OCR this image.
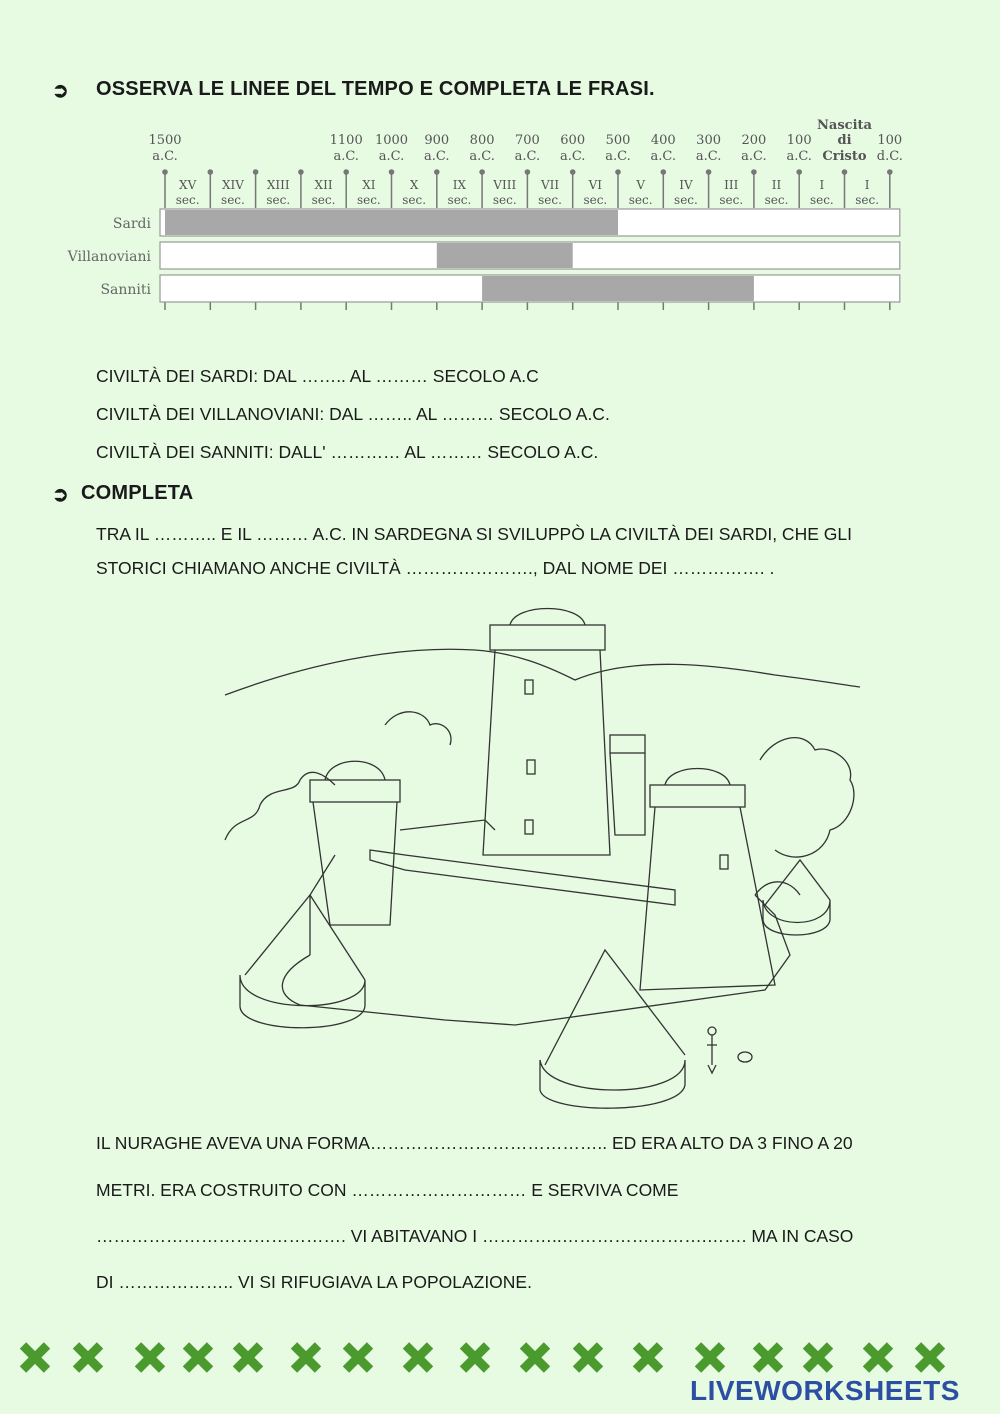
➲ OSSERVA LE LINEE DEL TEMPO E COMPLETA LE FRASI.
1500
a.C.
1100
a.C.
1000
a.C.
900
a.C.
800
a.C.
700
a.C.
600
a.C.
500
a.C.
400
a.C.
300
a.C.
200
a.C.
100
a.C.
100
d.C.
Nascita
di
Cristo
XV
sec.
XIV
sec.
XIII
sec.
XII
sec.
XI
sec.
X
sec.
IX
sec.
VIII
sec.
VII
sec.
VI
sec.
V
sec.
IV
sec.
III
sec.
II
sec.
I
sec.
I
sec.
Sardi
Villanoviani
Sanniti
CIVILTÀ DEI SARDI: DAL …….. AL ……… SECOLO A.C
CIVILTÀ DEI VILLANOVIANI: DAL …….. AL ……… SECOLO A.C.
CIVILTÀ DEI SANNITI: DALL' ………… AL ……… SECOLO A.C.
➲ COMPLETA
TRA IL ……….. E IL ……… A.C. IN SARDEGNA SI SVILUPPÒ LA CIVILTÀ DEI SARDI, CHE GLI
STORICI CHIAMANO ANCHE CIVILTÀ …………………., DAL NOME DEI ……………. .
IL NURAGHE AVEVA UNA FORMA………………………………….. ED ERA ALTO DA 3 FINO A 20
METRI. ERA COSTRUITO CON ………………………… E SERVIVA COME
……………………………………. VI ABITAVANO I …………..…………………….……. MA IN CASO
DI ……………….. VI SI RIFUGIAVA LA POPOLAZIONE.
LIVEWORKSHEETS
